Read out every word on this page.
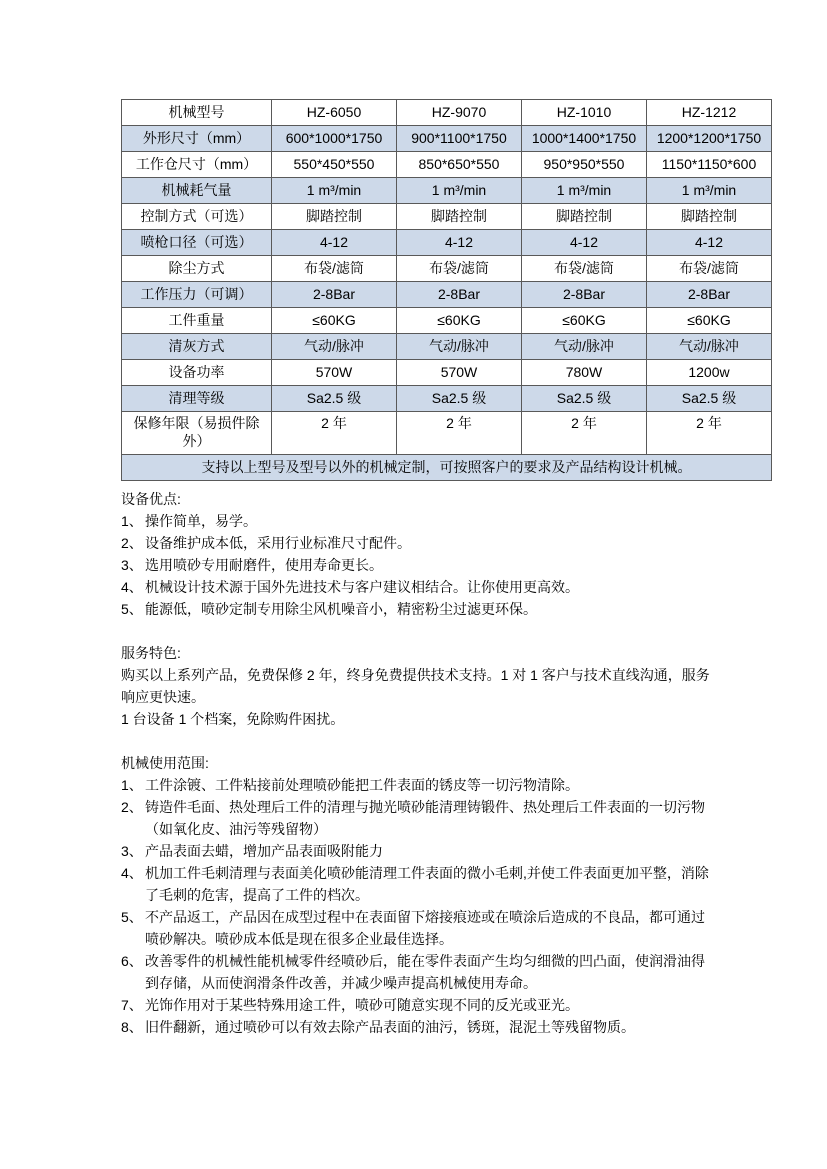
机械型号	HZ-6050	HZ-9070	HZ-1010	HZ-1212
外形尺寸（mm）	600*1000*1750	900*1100*1750	1000*1400*1750	1200*1200*1750
工作仓尺寸（mm）	550*450*550	850*650*550	950*950*550	1150*1150*600
机械耗气量	1 m³/min	1 m³/min	1 m³/min	1 m³/min
控制方式（可选）	脚踏控制	脚踏控制	脚踏控制	脚踏控制
喷枪口径（可选）	4-12	4-12	4-12	4-12
除尘方式	布袋/滤筒	布袋/滤筒	布袋/滤筒	布袋/滤筒
工作压力（可调）	2-8Bar	2-8Bar	2-8Bar	2-8Bar
工件重量	≤60KG	≤60KG	≤60KG	≤60KG
清灰方式	气动/脉冲	气动/脉冲	气动/脉冲	气动/脉冲
设备功率	570W	570W	780W	1200w
清理等级	Sa2.5 级	Sa2.5 级	Sa2.5 级	Sa2.5 级
保修年限（易损件除外）	2 年	2 年	2 年	2 年
支持以上型号及型号以外的机械定制，可按照客户的要求及产品结构设计机械。				
设备优点:
1、 操作简单，易学。
2、 设备维护成本低，采用行业标准尺寸配件。
3、 选用喷砂专用耐磨件，使用寿命更长。
4、 机械设计技术源于国外先进技术与客户建议相结合。让你使用更高效。
5、 能源低，喷砂定制专用除尘风机噪音小，精密粉尘过滤更环保。
服务特色:
购买以上系列产品，免费保修 2 年，终身免费提供技术支持。1 对 1 客户与技术直线沟通，服务响应更快速。
1 台设备 1 个档案，免除购件困扰。
机械使用范围:
1、 工件涂镀、工件粘接前处理喷砂能把工件表面的锈皮等一切污物清除。
2、 铸造件毛面、热处理后工件的清理与抛光喷砂能清理铸锻件、热处理后工件表面的一切污物（如氧化皮、油污等残留物）
3、 产品表面去蜡，增加产品表面吸附能力
4、 机加工件毛刺清理与表面美化喷砂能清理工件表面的微小毛刺,并使工件表面更加平整，消除了毛刺的危害，提高了工件的档次。
5、 不产品返工，产品因在成型过程中在表面留下熔接痕迹或在喷涂后造成的不良品，都可通过喷砂解决。喷砂成本低是现在很多企业最佳选择。
6、 改善零件的机械性能机械零件经喷砂后，能在零件表面产生均匀细微的凹凸面，使润滑油得到存储，从而使润滑条件改善，并减少噪声提高机械使用寿命。
7、 光饰作用对于某些特殊用途工件，喷砂可随意实现不同的反光或亚光。
8、 旧件翻新，通过喷砂可以有效去除产品表面的油污，锈斑，混泥土等残留物质。
